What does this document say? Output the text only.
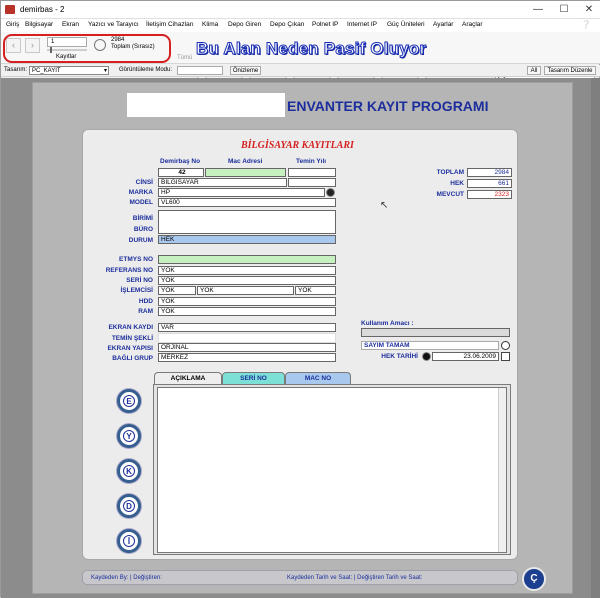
demirbas - 2	—	☐	✕
Giriş Bilgisayar Ekran Yazıcı ve Tarayıcı İletişim Cihazları Klima Depo Giren Depo Çıkan Polnet IP Internet IP Güç Üniteleri Ayarlar Araçlar	❔
‹	›	1
Kayıtlar
2984
Toplam (Sırasız) Bu Alan Neden Pasif Oluyor
Tümü
Tasarım: PC_KAYIT	▾ Görüntüleme Modu:	Önizleme	All	Tasarım Düzenle
ENVANTER KAYIT PROGRAMI
BİLGİSAYAR KAYITLARI
Demirbaş No	Mac Adresi	Temin Yılı
42
CİNSİ	BILGISAYAR
MARKA	HP
MODEL	VL600
BİRİMİ
BÜRO
DURUM	HEK
ETMYS NO
REFERANS NO	YOK
SERİ NO	YOK
İŞLEMCİSİ	YOK	YOK	YOK
HDD	YOK
RAM	YOK
EKRAN KAYDI	VAR
TEMİN ŞEKLİ
EKRAN YAPISI	ORJINAL
BAĞLI GRUP	MERKEZ
TOPLAM	2984
HEK	661
MEVCUT	2323
↖
Kullanım Amacı :
SAYIM TAMAM
HEK TARİHİ	23.06.2009
AÇIKLAMA	SERİ NO	MAC NO
E
Y
K
D
İ
Kaydeden By: | Değiştiren:	Kaydeden Tarih ve Saat: | Değiştiren Tarih ve Saat:	Ç
